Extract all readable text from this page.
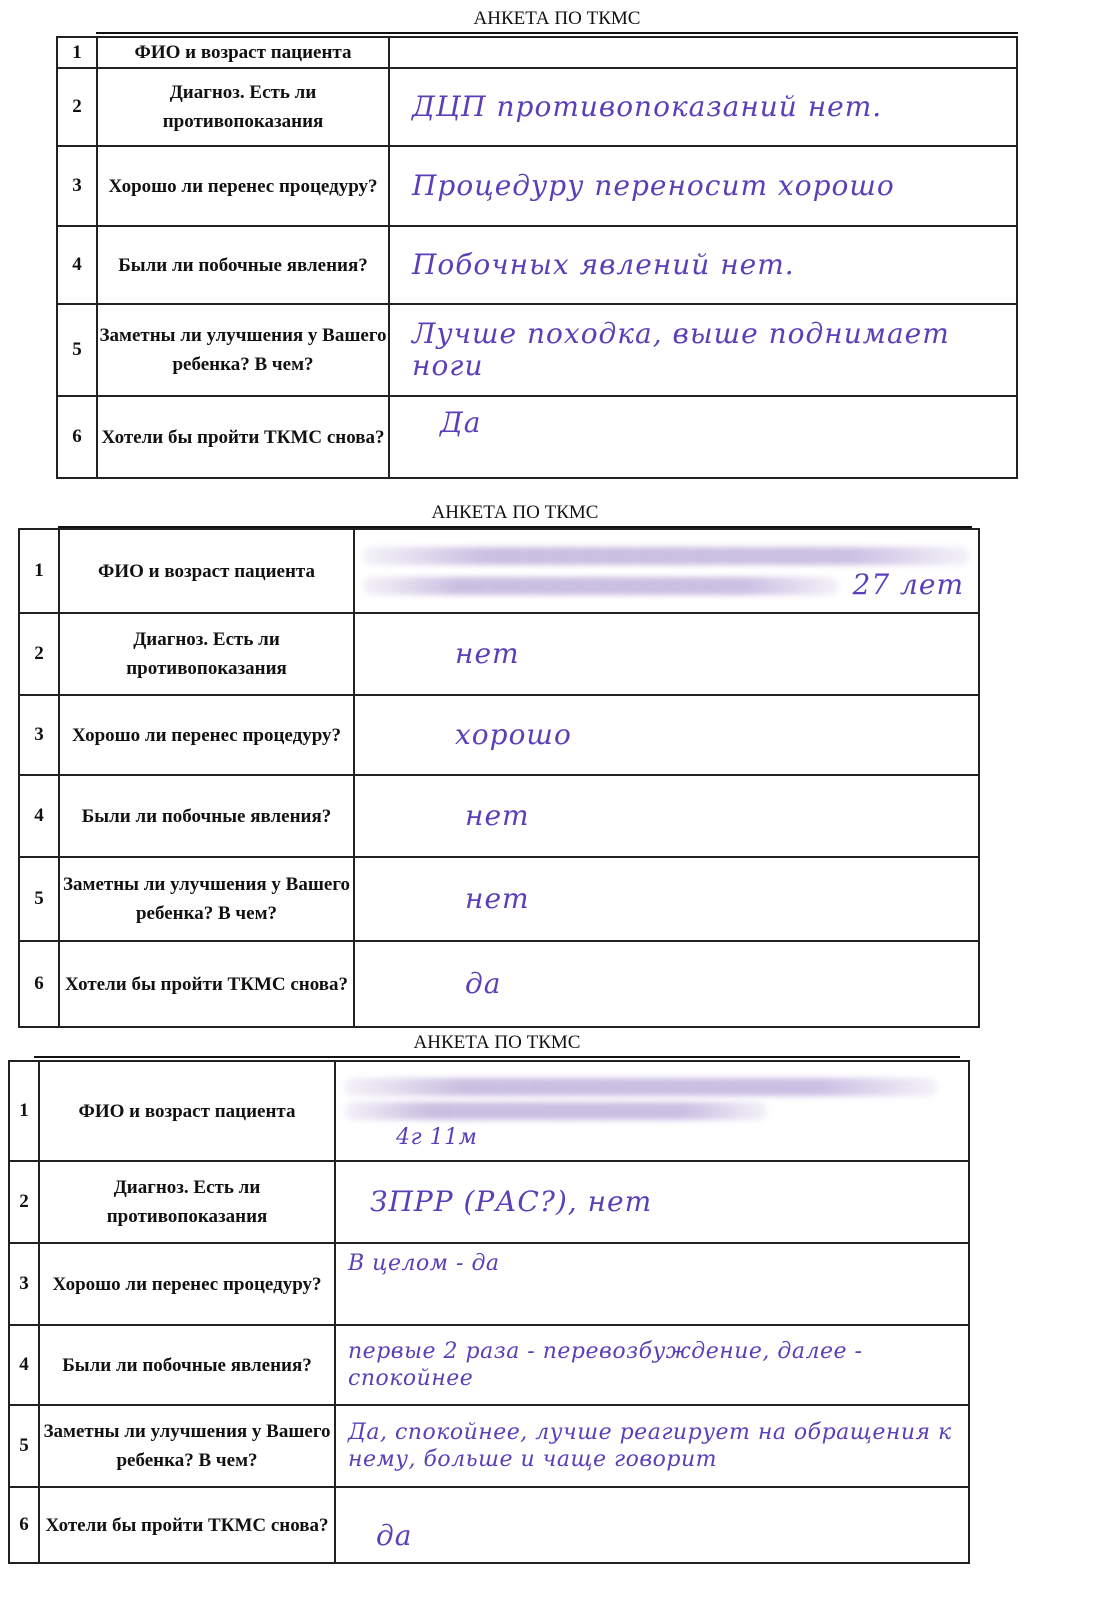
АНКЕТА ПО ТКМС
1	ФИО и возраст пациента	

2	Диагноз. Есть ли противопоказания	ДЦП противопоказаний нет.

3	Хорошо ли перенес процедуру?	Процедуру переносит хорошо

4	Были ли побочные явления?	Побочных явлений нет.

5	Заметны ли улучшения у Вашего ребенка? В чем?	Лучше походка, выше поднимает ноги

6	Хотели бы пройти ТКМС снова?	Да
АНКЕТА ПО ТКМС
1	ФИО и возраст пациента	27 лет

2	Диагноз. Есть ли противопоказания	нет

3	Хорошо ли перенес процедуру?	хорошо

4	Были ли побочные явления?	нет

5	Заметны ли улучшения у Вашего ребенка? В чем?	нет

6	Хотели бы пройти ТКМС снова?	да
АНКЕТА ПО ТКМС
1	ФИО и возраст пациента	4г 11м

2	Диагноз. Есть ли противопоказания	ЗПРР (РАС?), нет

3	Хорошо ли перенес процедуру?	В целом - да

4	Были ли побочные явления?	первые 2 раза - перевозбуждение, далее - спокойнее

5	Заметны ли улучшения у Вашего ребенка? В чем?	Да, спокойнее, лучше реагирует на обращения к нему, больше и чаще говорит

6	Хотели бы пройти ТКМС снова?	да
